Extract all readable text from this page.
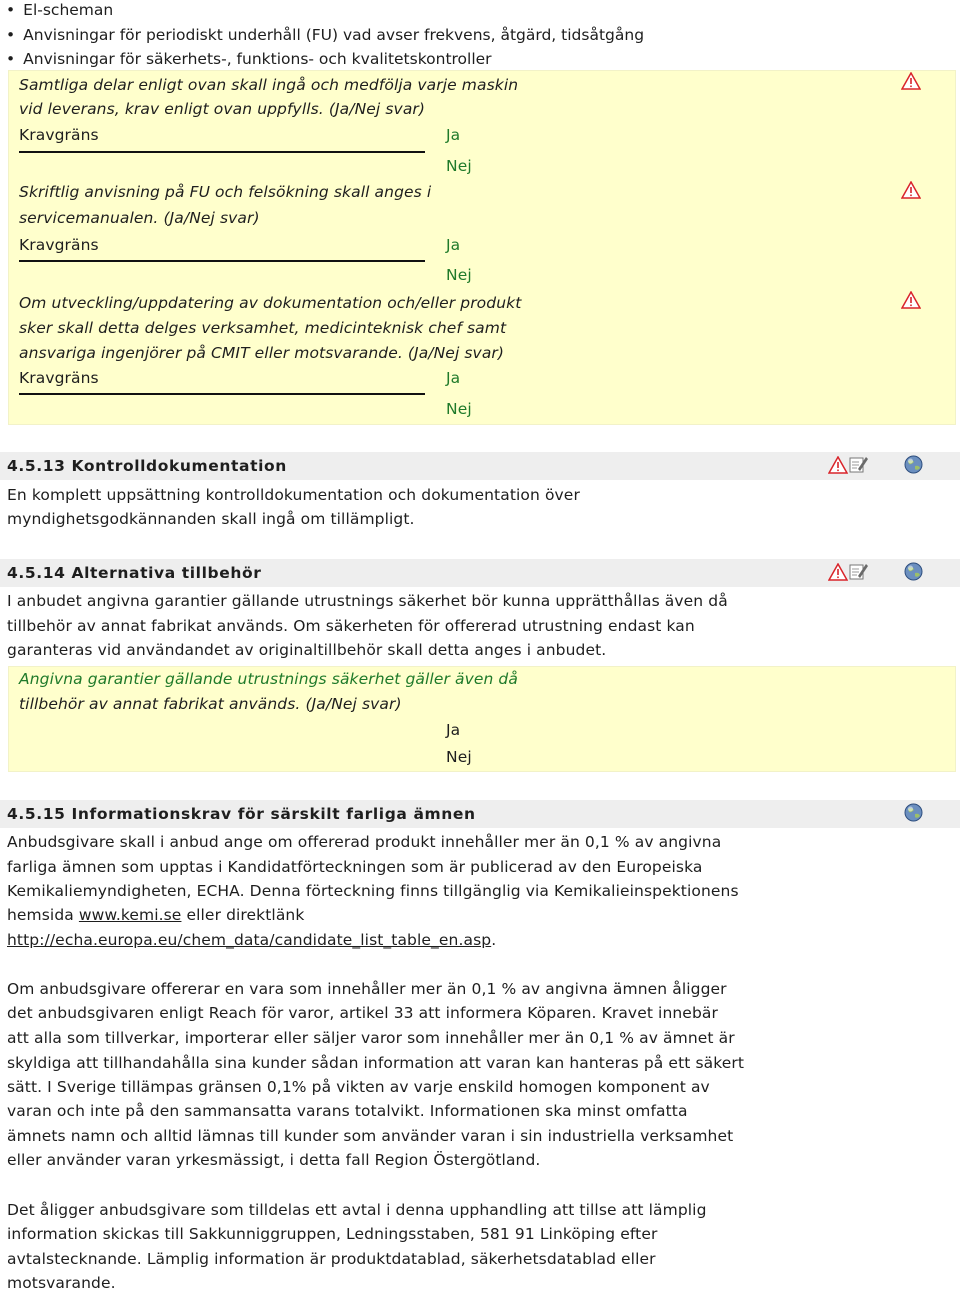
• El-scheman
• Anvisningar för periodiskt underhåll (FU) vad avser frekvens, åtgärd, tidsåtgång
• Anvisningar för säkerhets-, funktions- och kvalitetskontroller
Samtliga delar enligt ovan skall ingå och medfölja varje maskin
vid leverans, krav enligt ovan uppfylls. (Ja/Nej svar)
Kravgräns	Ja
Nej
Skriftlig anvisning på FU och felsökning skall anges i
servicemanualen. (Ja/Nej svar)
Kravgräns	Ja
Nej
Om utveckling/uppdatering av dokumentation och/eller produkt
sker skall detta delges verksamhet, medicinteknisk chef samt
ansvariga ingenjörer på CMIT eller motsvarande. (Ja/Nej svar)
Kravgräns	Ja
Nej
4.5.13 Kontrolldokumentation
En komplett uppsättning kontrolldokumentation och dokumentation över
myndighetsgodkännanden skall ingå om tillämpligt.
4.5.14 Alternativa tillbehör
I anbudet angivna garantier gällande utrustnings säkerhet bör kunna upprätthållas även då
tillbehör av annat fabrikat används. Om säkerheten för offererad utrustning endast kan
garanteras vid användandet av originaltillbehör skall detta anges i anbudet.
Angivna garantier gällande utrustnings säkerhet gäller även då
tillbehör av annat fabrikat används. (Ja/Nej svar)
Ja
Nej
4.5.15 Informationskrav för särskilt farliga ämnen
Anbudsgivare skall i anbud ange om offererad produkt innehåller mer än 0,1 % av angivna
farliga ämnen som upptas i Kandidatförteckningen som är publicerad av den Europeiska
Kemikaliemyndigheten, ECHA. Denna förteckning finns tillgänglig via Kemikalieinspektionens
hemsida www.kemi.se eller direktlänk
http://echa.europa.eu/chem_data/candidate_list_table_en.asp.
Om anbudsgivare offererar en vara som innehåller mer än 0,1 % av angivna ämnen åligger
det anbudsgivaren enligt Reach för varor, artikel 33 att informera Köparen. Kravet innebär
att alla som tillverkar, importerar eller säljer varor som innehåller mer än 0,1 % av ämnet är
skyldiga att tillhandahålla sina kunder sådan information att varan kan hanteras på ett säkert
sätt. I Sverige tillämpas gränsen 0,1% på vikten av varje enskild homogen komponent av
varan och inte på den sammansatta varans totalvikt. Informationen ska minst omfatta
ämnets namn och alltid lämnas till kunder som använder varan i sin industriella verksamhet
eller använder varan yrkesmässigt, i detta fall Region Östergötland.
Det åligger anbudsgivare som tilldelas ett avtal i denna upphandling att tillse att lämplig
information skickas till Sakkunniggruppen, Ledningsstaben, 581 91 Linköping efter
avtalstecknande. Lämplig information är produktdatablad, säkerhetsdatablad eller
motsvarande.
